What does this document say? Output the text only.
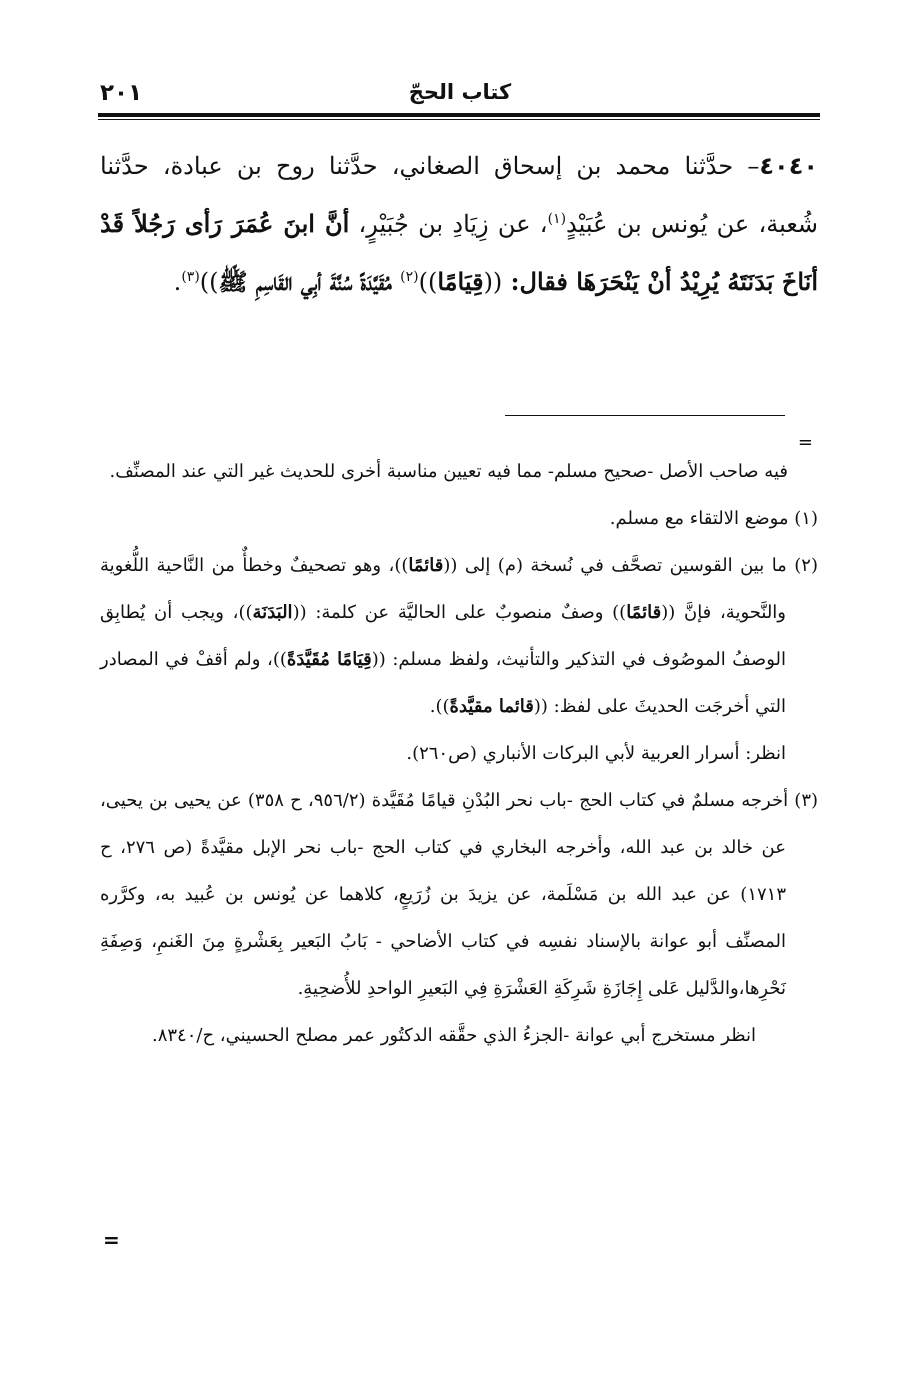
٢٠١	كتاب الحجّ
٤٠٤٠– حدَّثنا محمد بن إسحاق الصغاني، حدَّثنا روح بن عبادة، حدَّثنا شُعبة، عن يُونس بن عُبَيْدٍ$^{(١)}$، عن زِيَادِ بن جُبَيْرٍ، أنَّ ابنَ عُمَرَ رَأى رَجُلاً قَدْ أنَاخَ بَدَنَتَهُ يُرِيْدُ أنْ يَنْحَرَهَا فقال: ((قِيَامًا))$^{(٢)}$ مُقَيَّدَةً سُنَّةَ أبِي القَاسِمِ ﷺ))$^{(٣)}$.
=

فيه صاحب الأصل -صحيح مسلم- مما فيه تعيين مناسبة أخرى للحديث غير التي عند المصنِّف.

(١) موضع الالتقاء مع مسلم.

(٢) ما بين القوسين تصحَّف في نُسخة (م) إلى ((قائمًا))، وهو تصحيفٌ وخطأٌ من النَّاحية اللُّغوية والنَّحوية، فإنَّ ((قائمًا)) وصفٌ منصوبٌ على الحاليَّة عن كلمة: ((البَدَنَة))، ويجب أن يُطابِق الوصفُ الموصُوف في التذكير والتأنيث، ولفظ مسلم: ((قِيَامًا مُقَيَّدَةً))، ولم أقفْ في المصادر التي أخرجَت الحديثَ على لفظ: ((قائما مقيَّدةً)).

انظر: أسرار العربية لأبي البركات الأنباري (ص٢٦٠).

(٣) أخرجه مسلمٌ في كتاب الحج -باب نحر البُدْنِ قيامًا مُقَيَّدة (٩٥٦/٢، ح ٣٥٨) عن يحيى بن يحيى، عن خالد بن عبد الله، وأخرجه البخاري في كتاب الحج -باب نحر الإبل مقيَّدةً (ص ٢٧٦، ح ١٧١٣) عن عبد الله بن مَسْلَمة، عن يزيدَ بن زُرَيعٍ، كلاهما عن يُونس بن عُبيد به، وكرَّره المصنِّف أبو عوانة بالإسناد نفسِه في كتاب الأضاحي - بَابُ البَعير بِعَشْرةٍ مِنَ الغَنمِ، وَصِفَةِ نَحْرِها،والدَّليل عَلى إِجَازَةِ شَرِكَةِ العَشْرَةِ فِي البَعيرِ الواحدِ للأُضحِيةِ.

انظر مستخرج أبي عوانة -الجزءُ الذي حقَّقه الدكتُور عمر مصلح الحسيني، ح/٨٣٤٠.

=
